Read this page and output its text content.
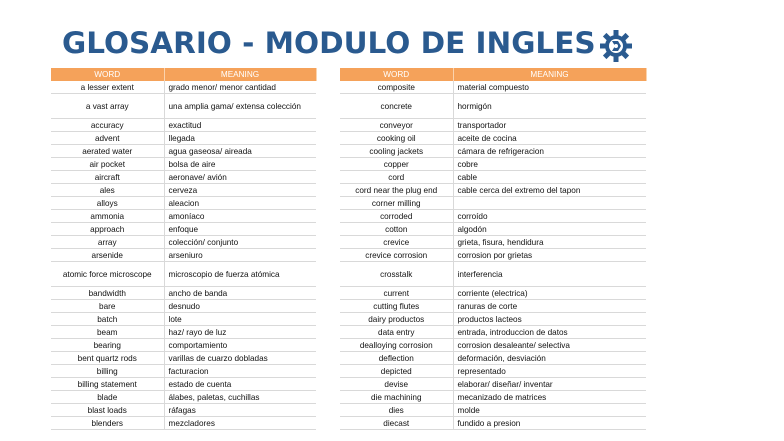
GLOSARIO - MODULO DE INGLES
WORD	MEANING
a lesser extent	grado menor/ menor cantidad
a vast array	una amplia gama/ extensa colección
accuracy	exactitud
advent	llegada
aerated water	agua gaseosa/ aireada
air pocket	bolsa de aire
aircraft	aeronave/ avión
ales	cerveza
alloys	aleacion
ammonia	amoníaco
approach	enfoque
array	colección/ conjunto
arsenide	arseniuro
atomic force microscope	microscopio de fuerza atómica
bandwidth	ancho de banda
bare	desnudo
batch	lote
beam	haz/ rayo de luz
bearing	comportamiento
bent quartz rods	varillas de cuarzo dobladas
billing	facturacion
billing statement	estado de cuenta
blade	álabes, paletas, cuchillas
blast loads	ráfagas
blenders	mezcladores
WORD	MEANING
composite	material compuesto
concrete	hormigón
conveyor	transportador
cooking oil	aceite de cocina
cooling jackets	cámara de refrigeracion
copper	cobre
cord	cable
cord near the plug end	cable cerca del extremo del tapon
corner milling	
corroded	corroído
cotton	algodón
crevice	grieta, fisura, hendidura
crevice corrosion	corrosion por grietas
crosstalk	interferencia
current	corriente (electrica)
cutting flutes	ranuras de corte
dairy productos	productos lacteos
data entry	entrada, introduccion de datos
dealloying corrosion	corrosion desaleante/ selectiva
deflection	deformación, desviación
depicted	representado
devise	elaborar/ diseñar/ inventar
die machining	mecanizado de matrices
dies	molde
diecast	fundido a presion
